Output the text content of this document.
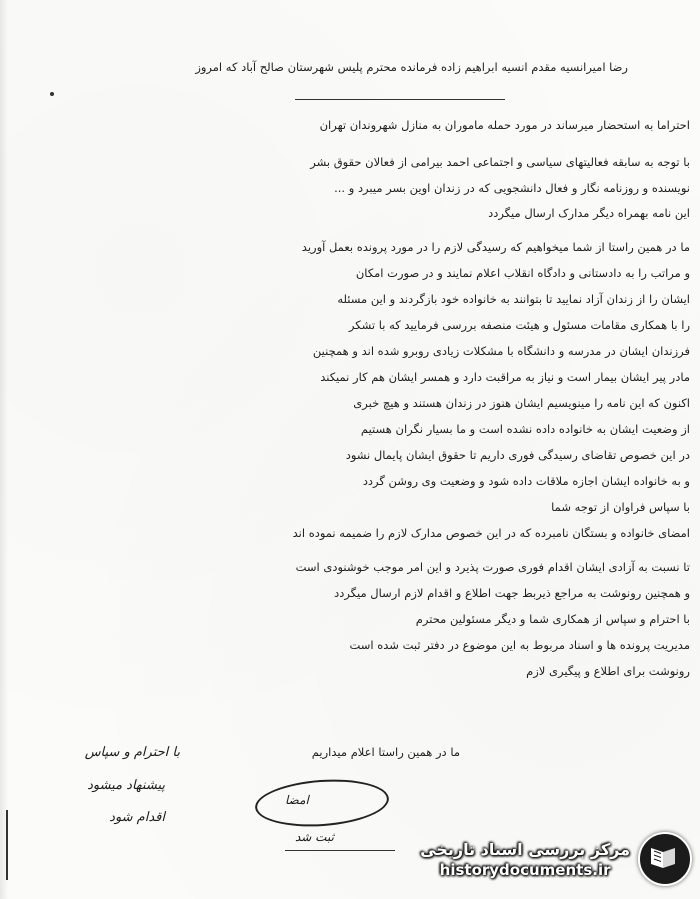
رضا امیرانسیه مقدم انسیه ابراهیم زاده فرمانده محترم پلیس شهرستان صالح آباد که امروز
احتراما به استحضار میرساند در مورد حمله ماموران به منازل شهروندان تهران
با توجه به سابقه فعالیتهای سیاسی و اجتماعی احمد بیرامی از فعالان حقوق بشر
نویسنده و روزنامه نگار و فعال دانشجویی که در زندان اوین بسر میبرد و ...
این نامه بهمراه دیگر مدارک ارسال میگردد
ما در همین راستا از شما میخواهیم که رسیدگی لازم را در مورد پرونده بعمل آورید
و مراتب را به دادستانی و دادگاه انقلاب اعلام نمایند و در صورت امکان
ایشان را از زندان آزاد نمایید تا بتوانند به خانواده خود بازگردند و این مسئله
را با همکاری مقامات مسئول و هیئت منصفه بررسی فرمایید که با تشکر
فرزندان ایشان در مدرسه و دانشگاه با مشکلات زیادی روبرو شده اند و همچنین
مادر پیر ایشان بیمار است و نیاز به مراقبت دارد و همسر ایشان هم کار نمیکند
اکنون که این نامه را مینویسیم ایشان هنوز در زندان هستند و هیچ خبری
از وضعیت ایشان به خانواده داده نشده است و ما بسیار نگران هستیم
در این خصوص تقاضای رسیدگی فوری داریم تا حقوق ایشان پایمال نشود
و به خانواده ایشان اجازه ملاقات داده شود و وضعیت وی روشن گردد
با سپاس فراوان از توجه شما
امضای خانواده و بستگان نامبرده که در این خصوص مدارک لازم را ضمیمه نموده اند
تا نسبت به آزادی ایشان اقدام فوری صورت پذیرد و این امر موجب خوشنودی است
و همچنین رونوشت به مراجع ذیربط جهت اطلاع و اقدام لازم ارسال میگردد
با احترام و سپاس از همکاری شما و دیگر مسئولین محترم
مدیریت پرونده ها و اسناد مربوط به این موضوع در دفتر ثبت شده است
رونوشت برای اطلاع و پیگیری لازم
ما در همین راستا اعلام میداریم
با احترام و سپاس
پیشنهاد میشود
اقدام شود
امضا
ثبت شد
مرکز بررسی اسناد تاریخی
historydocuments.ir
